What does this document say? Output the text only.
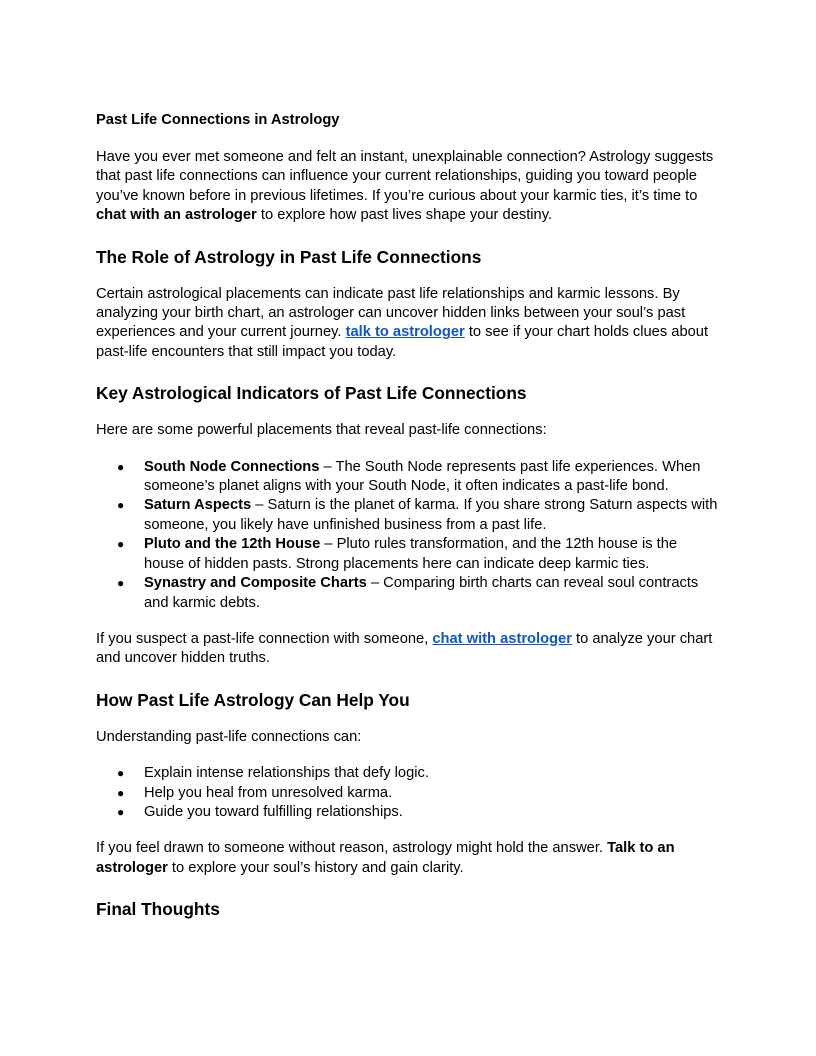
Past Life Connections in Astrology

Have you ever met someone and felt an instant, unexplainable connection? Astrology suggests that past life connections can influence your current relationships, guiding you toward people you’ve known before in previous lifetimes. If you’re curious about your karmic ties, it’s time to chat with an astrologer to explore how past lives shape your destiny.

The Role of Astrology in Past Life Connections

Certain astrological placements can indicate past life relationships and karmic lessons. By analyzing your birth chart, an astrologer can uncover hidden links between your soul’s past experiences and your current journey. talk to astrologer to see if your chart holds clues about past-life encounters that still impact you today.

Key Astrological Indicators of Past Life Connections

Here are some powerful placements that reveal past-life connections:

● South Node Connections – The South Node represents past life experiences. When someone’s planet aligns with your South Node, it often indicates a past-life bond.
● Saturn Aspects – Saturn is the planet of karma. If you share strong Saturn aspects with someone, you likely have unfinished business from a past life.
● Pluto and the 12th House – Pluto rules transformation, and the 12th house is the house of hidden pasts. Strong placements here can indicate deep karmic ties.
● Synastry and Composite Charts – Comparing birth charts can reveal soul contracts and karmic debts.

If you suspect a past-life connection with someone, chat with astrologer to analyze your chart and uncover hidden truths.

How Past Life Astrology Can Help You

Understanding past-life connections can:

● Explain intense relationships that defy logic.
● Help you heal from unresolved karma.
● Guide you toward fulfilling relationships.

If you feel drawn to someone without reason, astrology might hold the answer. Talk to an astrologer to explore your soul’s history and gain clarity.

Final Thoughts
